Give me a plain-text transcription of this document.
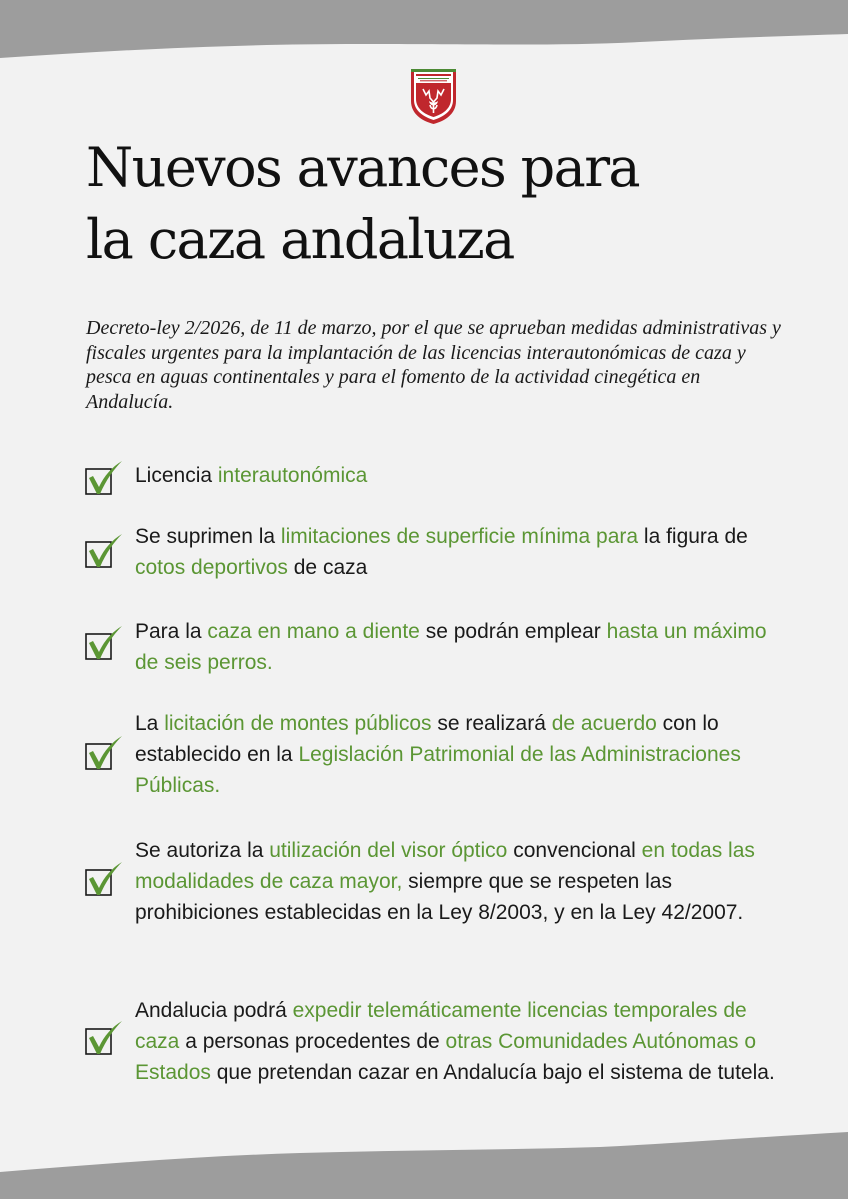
Nuevos avances para
la caza andaluza

Decreto-ley 2/2026, de 11 de marzo, por el que se aprueban medidas administrativas y fiscales urgentes para la implantación de las licencias interautonómicas de caza y pesca en aguas continentales y para el fomento de la actividad cinegética en Andalucía.

Licencia interautonómica
Se suprimen la limitaciones de superficie mínima para la figura de cotos deportivos de caza
Para la caza en mano a diente se podrán emplear hasta un máximo de seis perros.
La licitación de montes públicos se realizará de acuerdo con lo establecido en la Legislación Patrimonial de las Administraciones Públicas.
Se autoriza la utilización del visor óptico convencional en todas las modalidades de caza mayor, siempre que se respeten las prohibiciones establecidas en la Ley 8/2003, y en la Ley 42/2007.
Andalucia podrá expedir telemáticamente licencias temporales de caza a personas procedentes de otras Comunidades Autónomas o Estados que pretendan cazar en Andalucía bajo el sistema de tutela.
